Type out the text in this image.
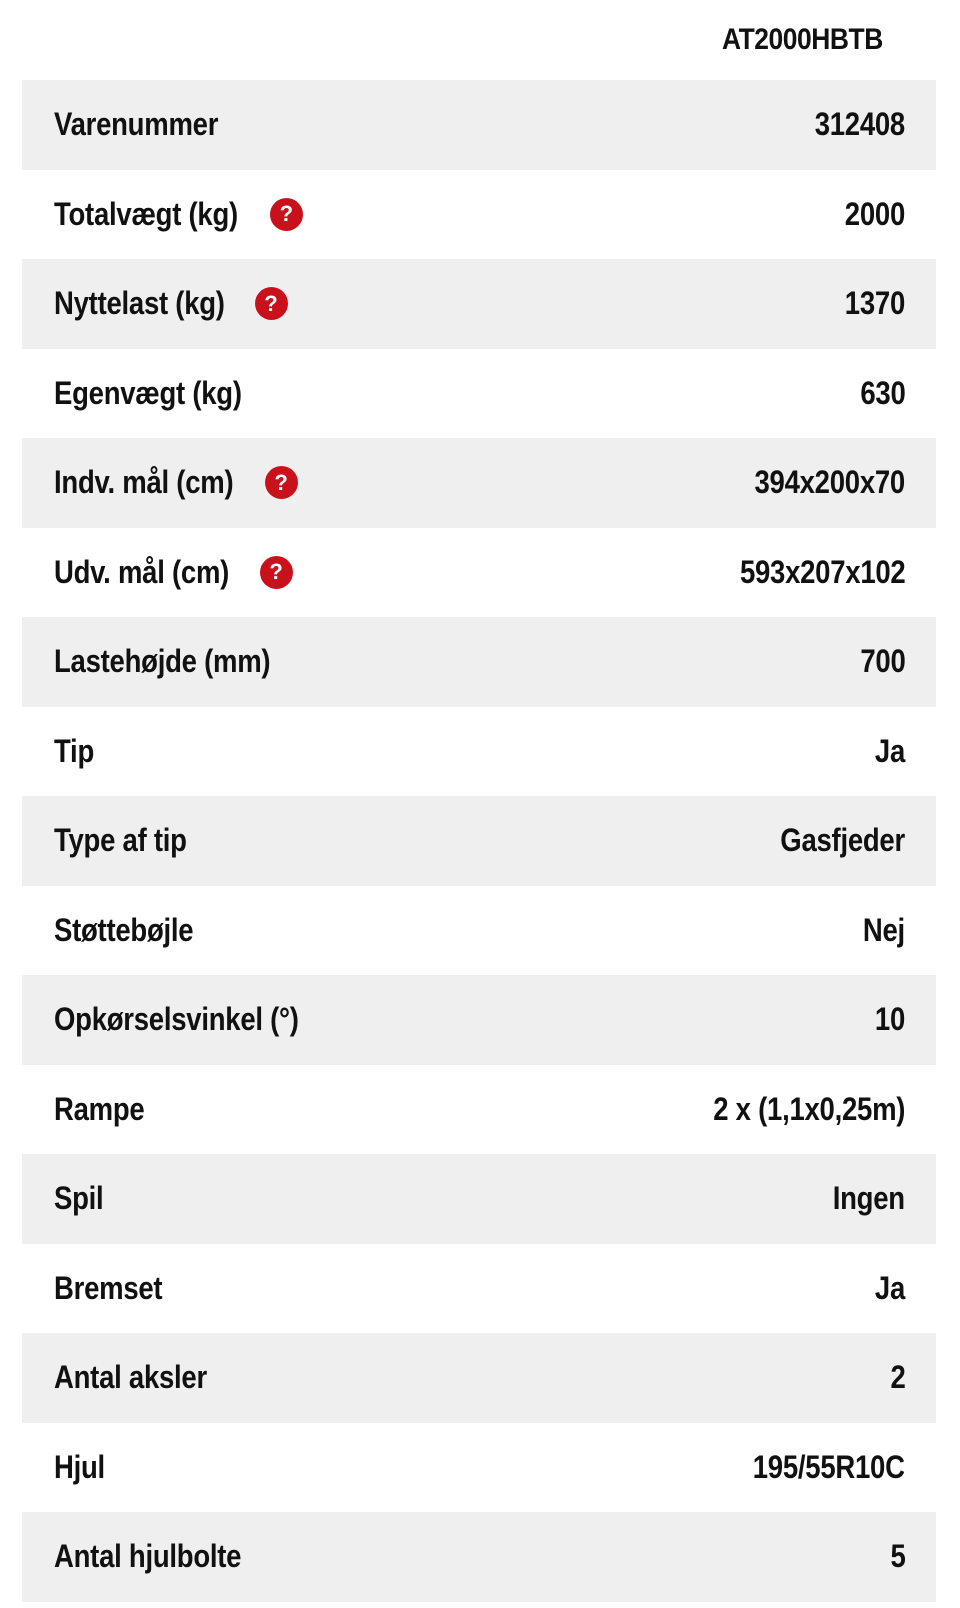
AT2000HBTB
Varenummer	312408
Totalvægt (kg)	?	2000
Nyttelast (kg)	?	1370
Egenvægt (kg)	630
Indv. mål (cm)	?	394x200x70
Udv. mål (cm)	?	593x207x102
Lastehøjde (mm)	700
Tip	Ja
Type af tip	Gasfjeder
Støttebøjle	Nej
Opkørselsvinkel (°)	10
Rampe	2 x (1,1x0,25m)
Spil	Ingen
Bremset	Ja
Antal aksler	2
Hjul	195/55R10C
Antal hjulbolte	5
